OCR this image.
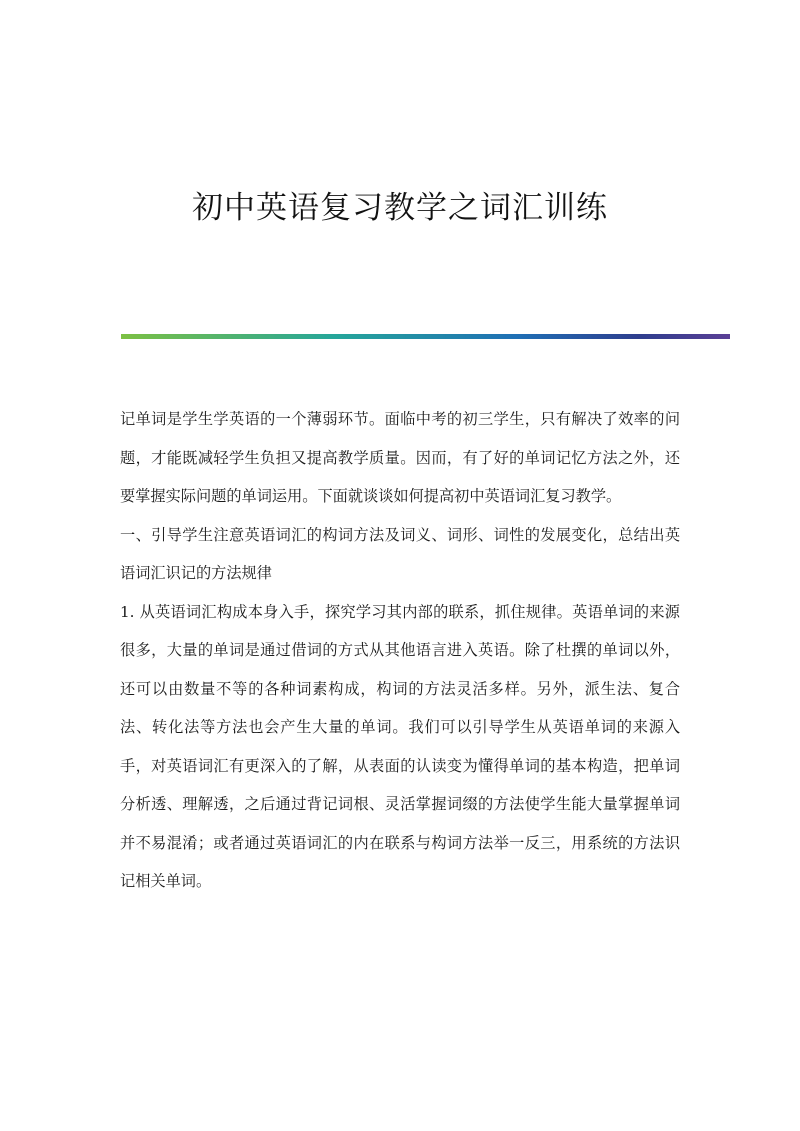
初中英语复习教学之词汇训练

记单词是学生学英语的一个薄弱环节。面临中考的初三学生，只有解决了效率的问题，才能既减轻学生负担又提高教学质量。因而，有了好的单词记忆方法之外，还要掌握实际问题的单词运用。下面就谈谈如何提高初中英语词汇复习教学。

一、引导学生注意英语词汇的构词方法及词义、词形、词性的发展变化，总结出英语词汇识记的方法规律

1. 从英语词汇构成本身入手，探究学习其内部的联系，抓住规律。英语单词的来源很多，大量的单词是通过借词的方式从其他语言进入英语。除了杜撰的单词以外，还可以由数量不等的各种词素构成，构词的方法灵活多样。另外，派生法、复合法、转化法等方法也会产生大量的单词。我们可以引导学生从英语单词的来源入手，对英语词汇有更深入的了解，从表面的认读变为懂得单词的基本构造，把单词分析透、理解透，之后通过背记词根、灵活掌握词缀的方法使学生能大量掌握单词并不易混淆；或者通过英语词汇的内在联系与构词方法举一反三，用系统的方法识记相关单词。
